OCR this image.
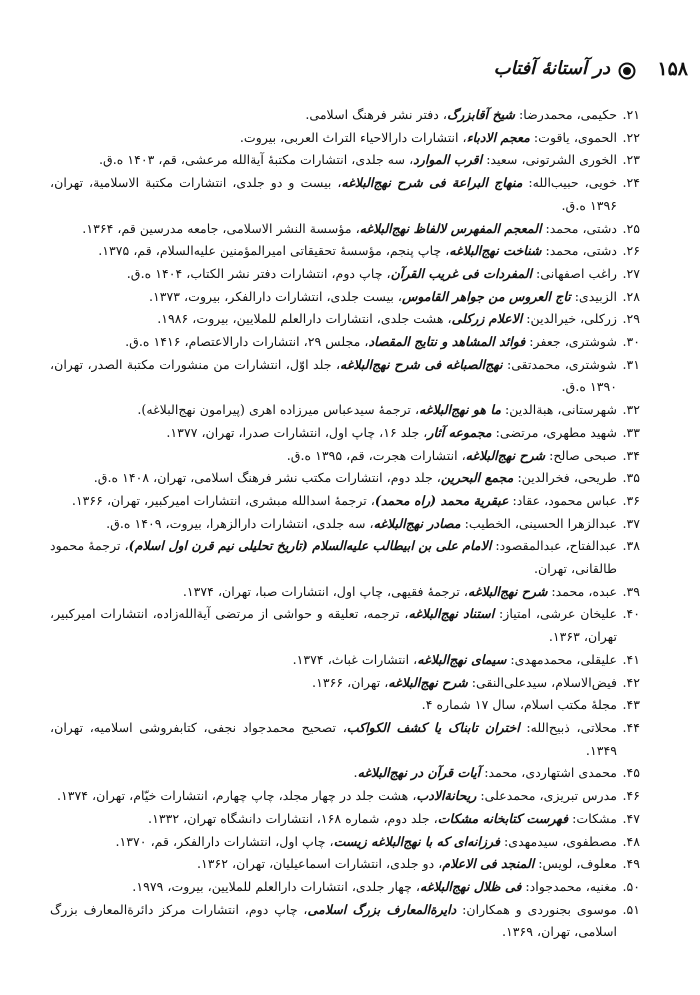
۱۵۸
در آستانهٔ آفتاب
۲۱.
حکیمی، محمدرضا: شیخ آقابزرگ، دفتر نشر فرهنگ اسلامی.
۲۲.
الحموی، یاقوت: معجم الادباء، انتشارات دارالاحیاء التراث العربی، بیروت.
۲۳.
الخوری الشرتونی، سعید: اقرب الموارد، سه جلدی، انتشارات مکتبهٔ آیة‌الله مرعشی، قم، ۱۴۰۳ ه.ق.
۲۴.
خویی، حبیب‌الله: منهاج البراعة فی شرح نهج‌البلاغه، بیست و دو جلدی، انتشارات مکتبة الاسلامیة، تهران، ۱۳۹۶ ه.ق.
۲۵.
دشتی، محمد: المعجم المفهرس لالفاظ نهج‌البلاغه، مؤسسة النشر الاسلامی، جامعه مدرسین قم، ۱۳۶۴.
۲۶.
دشتی، محمد: شناخت نهج‌البلاغه، چاپ پنجم، مؤسسهٔ تحقیقاتی امیرالمؤمنین علیه‌السلام، قم، ۱۳۷۵.
۲۷.
راغب اصفهانی: المفردات فی غریب القرآن، چاپ دوم، انتشارات دفتر نشر الکتاب، ۱۴۰۴ ه.ق.
۲۸.
الزبیدی: تاج العروس من جواهر القاموس، بیست جلدی، انتشارات دارالفکر، بیروت، ۱۳۷۳.
۲۹.
زرکلی، خیرالدین: الاعلام زرکلی، هشت جلدی، انتشارات دارالعلم للملایین، بیروت، ۱۹۸۶.
۳۰.
شوشتری، جعفر: فوائد المشاهد و نتایج المقصاد، مجلس ۲۹، انتشارات دارالاعتصام، ۱۴۱۶ ه.ق.
۳۱.
شوشتری، محمدتقی: نهج‌الصباغه فی شرح نهج‌البلاغه، جلد اوّل، انتشارات من منشورات مکتبة الصدر، تهران، ۱۳۹۰ ه.ق.
۳۲.
شهرستانی، هبة‌الدین: ما هو نهج‌البلاغه، ترجمهٔ سیدعباس میرزاده اهری (پیرامون نهج‌البلاغه).
۳۳.
شهید مطهری، مرتضی: مجموعه آثار، جلد ۱۶، چاپ اول، انتشارات صدرا، تهران، ۱۳۷۷.
۳۴.
صبحی صالح: شرح نهج‌البلاغه، انتشارات هجرت، قم، ۱۳۹۵ ه.ق.
۳۵.
طریحی، فخرالدین: مجمع البحرین، جلد دوم، انتشارات مکتب نشر فرهنگ اسلامی، تهران، ۱۴۰۸ ه.ق.
۳۶.
عباس محمود، عقاد: عبقریة محمد (راه محمد)، ترجمهٔ اسدالله مبشری، انتشارات امیرکبیر، تهران، ۱۳۶۶.
۳۷.
عبدالزهرا الحسینی، الخطیب: مصادر نهج‌البلاغه، سه جلدی، انتشارات دارالزهرا، بیروت، ۱۴۰۹ ه.ق.
۳۸.
عبدالفتاح، عبدالمقصود: الامام علی بن ابیطالب علیه‌السلام (تاریخ تحلیلی نیم قرن اول اسلام)، ترجمهٔ محمود طالقانی، تهران.
۳۹.
عبده، محمد: شرح نهج‌البلاغه، ترجمهٔ فقیهی، چاپ اول، انتشارات صبا، تهران، ۱۳۷۴.
۴۰.
علیخان عرشی، امتیاز: استناد نهج‌البلاغه، ترجمه، تعلیقه و حواشی از مرتضی آیة‌الله‌زاده، انتشارات امیرکبیر، تهران، ۱۳۶۳.
۴۱.
علیقلی، محمدمهدی: سیمای نهج‌البلاغه، انتشارات غباث، ۱۳۷۴.
۴۲.
فیض‌الاسلام، سیدعلی‌النقی: شرح نهج‌البلاغه، تهران، ۱۳۶۶.
۴۳.
مجلهٔ مکتب اسلام، سال ۱۷ شماره ۴.
۴۴.
محلاتی، ذبیح‌الله: اختران تابناک یا کشف الکواکب، تصحیح محمدجواد نجفی، کتابفروشی اسلامیه، تهران، ۱۳۴۹.
۴۵.
محمدی اشتهاردی، محمد: آیات قرآن در نهج‌البلاغه.
۴۶.
مدرس تبریزی، محمدعلی: ریحانة‌الادب، هشت جلد در چهار مجلد، چاپ چهارم، انتشارات خیّام، تهران، ۱۳۷۴.
۴۷.
مشکات: فهرست کتابخانه مشکات، جلد دوم، شماره ۱۶۸، انتشارات دانشگاه تهران، ۱۳۳۲.
۴۸.
مصطفوی، سیدمهدی: فرزانه‌ای که با نهج‌البلاغه زیست، چاپ اول، انتشارات دارالفکر، قم، ۱۳۷۰.
۴۹.
معلوف، لویس: المنجد فی الاعلام، دو جلدی، انتشارات اسماعیلیان، تهران، ۱۳۶۲.
۵۰.
مغنیه، محمدجواد: فی ظلال نهج‌البلاغه، چهار جلدی، انتشارات دارالعلم للملایین، بیروت، ۱۹۷۹.
۵۱.
موسوی بجنوردی و همکاران: دایرة‌المعارف بزرگ اسلامی، چاپ دوم، انتشارات مرکز دائرة‌المعارف بزرگ اسلامی، تهران، ۱۳۶۹.
